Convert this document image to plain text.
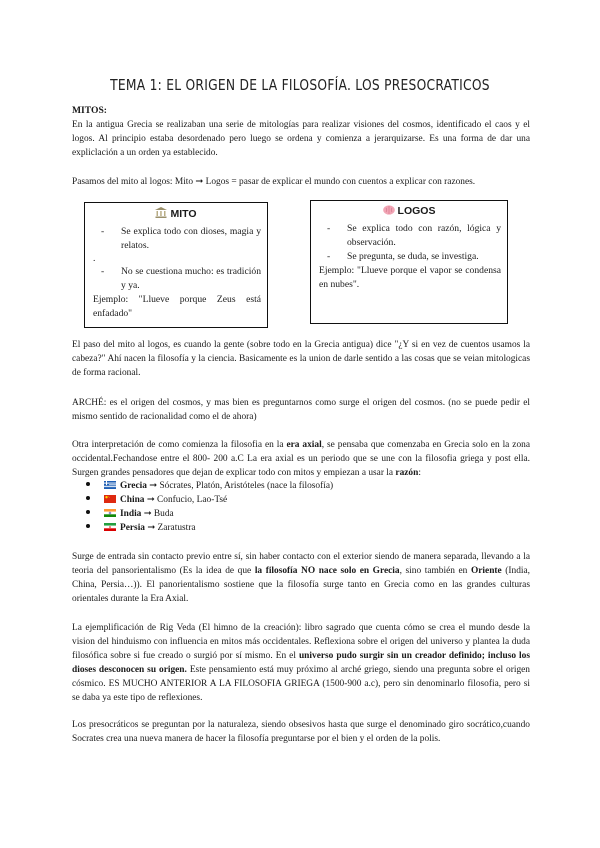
TEMA 1: EL ORIGEN DE LA FILOSOFÍA. LOS PRESOCRATICOS
MITOS:

En la antigua Grecia se realizaban una serie de mitologías para realizar visiones del cosmos, identificado el caos y el logos. Al principio estaba desordenado pero luego se ordena y comienza a jerarquizarse. Es una forma de dar una expliclación a un orden ya establecido.

Pasamos del mito al logos: Mito ➞ Logos = pasar de explicar el mundo con cuentos a explicar con razones.

MITO
- Se explica todo con dioses, magia y relatos.
.
- No se cuestiona mucho: es tradición y ya.
Ejemplo: "Llueve porque Zeus está enfadado"
LOGOS
- Se explica todo con razón, lógica y observación.
- Se pregunta, se duda, se investiga.
Ejemplo: "Llueve porque el vapor se condensa en nubes".

El paso del mito al logos, es cuando la gente (sobre todo en la Grecia antigua) dice "¿Y si en vez de cuentos usamos la cabeza?" Ahí nacen la filosofía y la ciencia. Basicamente es la union de darle sentido a las cosas que se veian mitologicas de forma racional.

ARCHÉ: es el origen del cosmos, y mas bien es preguntarnos como surge el origen del cosmos. (no se puede pedir el mismo sentido de racionalidad como el de ahora)

Otra interpretación de como comienza la filosofia en la era axial, se pensaba que comenzaba en Grecia solo en la zona occidental.Fechandose entre el 800- 200 a.C La era axial es un periodo que se une con la filosofia griega y post ella. Surgen grandes pensadores que dejan de explicar todo con mitos y empiezan a usar la razón:

Grecia ➞ Sócrates, Platón, Aristóteles (nace la filosofía)
China ➞ Confucio, Lao-Tsé
India ➞ Buda
Persia ➞ Zaratustra

Surge de entrada sin contacto previo entre sí, sin haber contacto con el exterior siendo de manera separada, llevando a la teoria del pansorientalismo (Es la idea de que la filosofía NO nace solo en Grecia, sino también en Oriente (India, China, Persia…)). El panorientalismo sostiene que la filosofía surge tanto en Grecia como en las grandes culturas orientales durante la Era Axial.

La ejemplificación de Rig Veda (El himno de la creación): libro sagrado que cuenta cómo se crea el mundo desde la vision del hinduismo con influencia en mitos más occidentales. Reflexiona sobre el origen del universo y plantea la duda filosófica sobre si fue creado o surgió por sí mismo. En el universo pudo surgir sin un creador definido; incluso los dioses desconocen su origen. Este pensamiento está muy próximo al arché griego, siendo una pregunta sobre el origen cósmico. ES MUCHO ANTERIOR A LA FILOSOFIA GRIEGA (1500-900 a.c), pero sin denominarlo filosofia, pero si se daba ya este tipo de reflexiones.

Los presocráticos se preguntan por la naturaleza, siendo obsesivos hasta que surge el denominado giro socrático,cuando Socrates crea una nueva manera de hacer la filosofía preguntarse por el bien y el orden de la polis.
